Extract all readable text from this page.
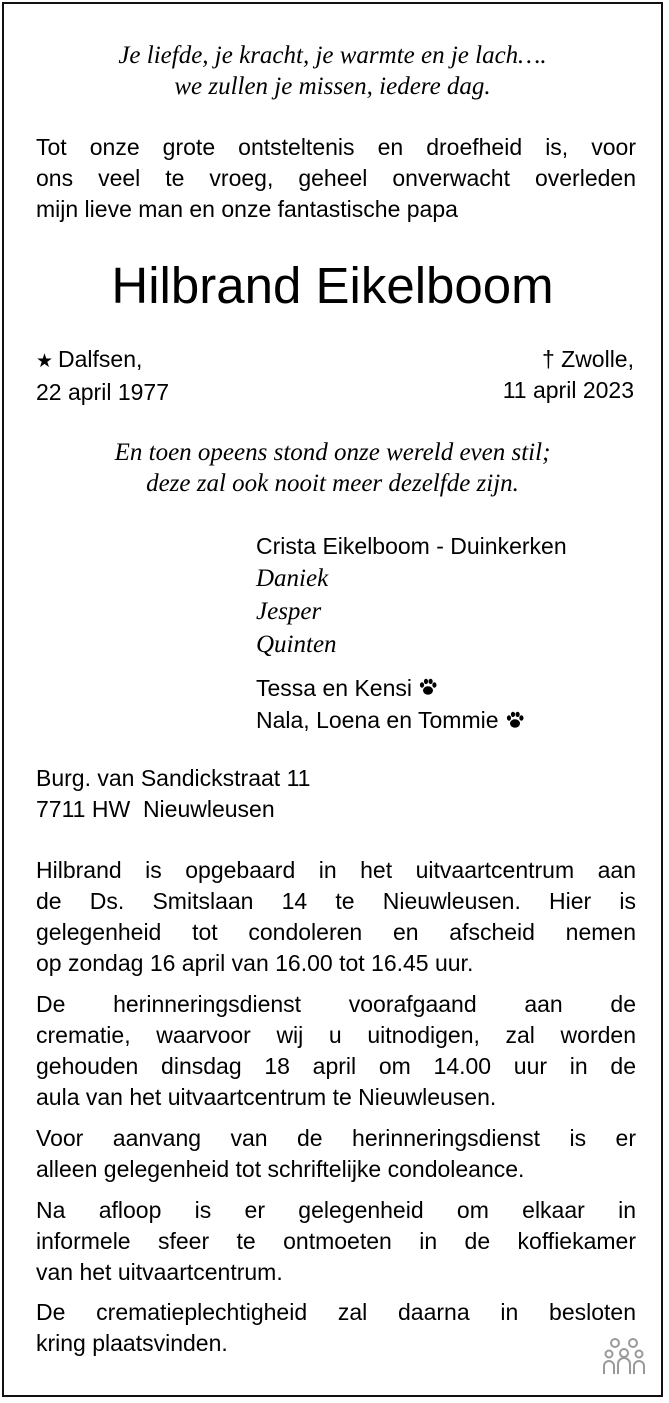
Je liefde, je kracht, je warmte en je lach….
we zullen je missen, iedere dag.
Tot onze grote ontsteltenis en droefheid is, voor
ons veel te vroeg, geheel onverwacht overleden
mijn lieve man en onze fantastische papa
Hilbrand Eikelboom
★ Dalfsen,
22 april 1977
† Zwolle,
11 april 2023
En toen opeens stond onze wereld even stil;
deze zal ook nooit meer dezelfde zijn.
Crista Eikelboom - Duinkerken
Daniek
Jesper
Quinten
Tessa en Kensi
Nala, Loena en Tommie
Burg. van Sandickstraat 11
7711 HW  Nieuwleusen
Hilbrand is opgebaard in het uitvaartcentrum aan
de Ds. Smitslaan 14 te Nieuwleusen. Hier is
gelegenheid tot condoleren en afscheid nemen
op zondag 16 april van 16.00 tot 16.45 uur.
De herinneringsdienst voorafgaand aan de
crematie, waarvoor wij u uitnodigen, zal worden
gehouden dinsdag 18 april om 14.00 uur in de
aula van het uitvaartcentrum te Nieuwleusen.
Voor aanvang van de herinneringsdienst is er
alleen gelegenheid tot schriftelijke condoleance.
Na afloop is er gelegenheid om elkaar in
informele sfeer te ontmoeten in de koffiekamer
van het uitvaartcentrum.
De crematieplechtigheid zal daarna in besloten
kring plaatsvinden.
